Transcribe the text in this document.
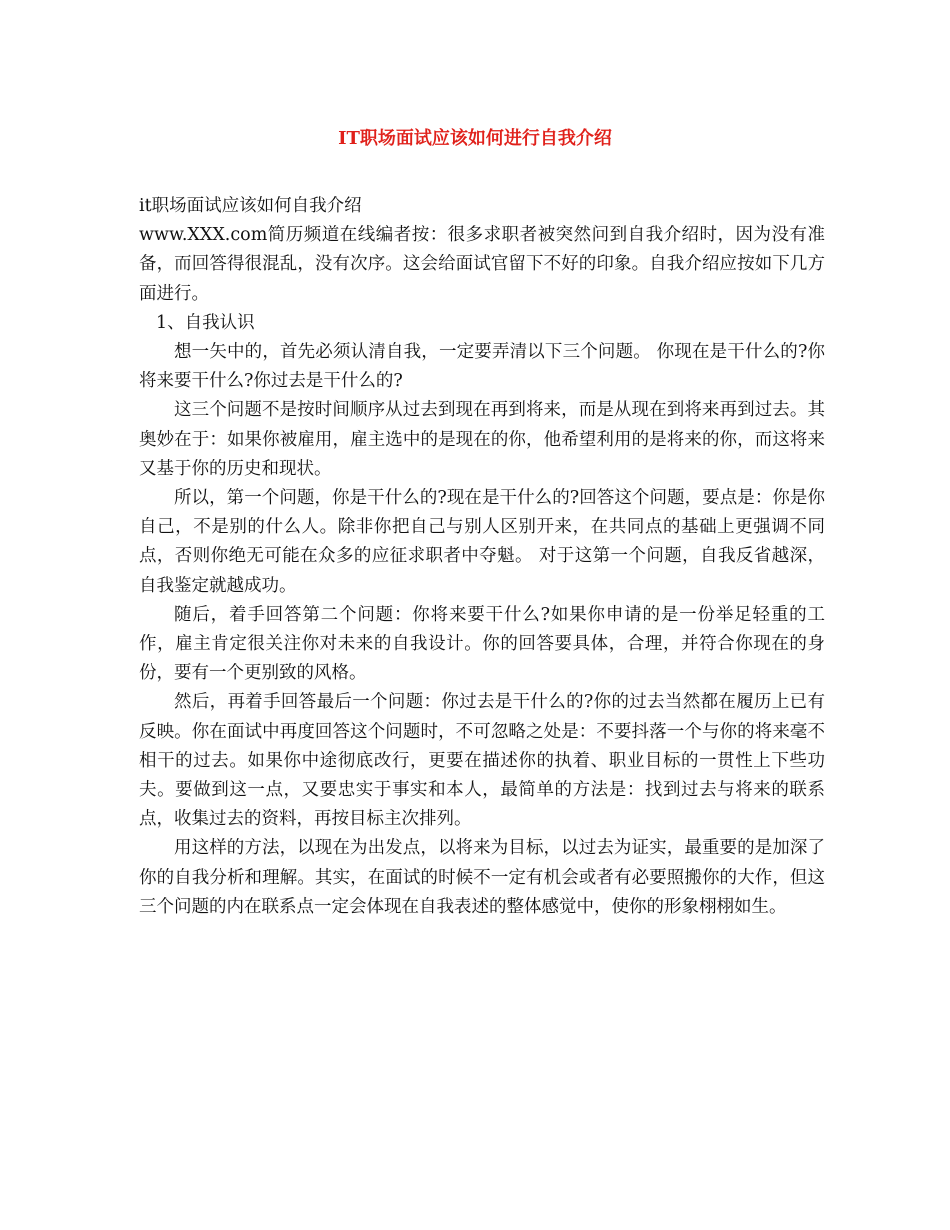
IT职场面试应该如何进行自我介绍

it职场面试应该如何自我介绍

www.XXX.com简历频道在线编者按：很多求职者被突然问到自我介绍时，因为没有准备，而回答得很混乱，没有次序。这会给面试官留下不好的印象。自我介绍应按如下几方面进行。

1、自我认识

想一矢中的，首先必须认清自我，一定要弄清以下三个问题。 你现在是干什么的?你将来要干什么?你过去是干什么的?

这三个问题不是按时间顺序从过去到现在再到将来，而是从现在到将来再到过去。其奥妙在于：如果你被雇用，雇主选中的是现在的你，他希望利用的是将来的你，而这将来又基于你的历史和现状。

所以，第一个问题，你是干什么的?现在是干什么的?回答这个问题，要点是：你是你自己，不是别的什么人。除非你把自己与别人区别开来，在共同点的基础上更强调不同点，否则你绝无可能在众多的应征求职者中夺魁。 对于这第一个问题，自我反省越深，自我鉴定就越成功。

随后，着手回答第二个问题：你将来要干什么?如果你申请的是一份举足轻重的工作，雇主肯定很关注你对未来的自我设计。你的回答要具体，合理，并符合你现在的身份，要有一个更别致的风格。

然后，再着手回答最后一个问题：你过去是干什么的?你的过去当然都在履历上已有反映。你在面试中再度回答这个问题时，不可忽略之处是：不要抖落一个与你的将来毫不相干的过去。如果你中途彻底改行，更要在描述你的执着、职业目标的一贯性上下些功夫。要做到这一点，又要忠实于事实和本人，最简单的方法是：找到过去与将来的联系点，收集过去的资料，再按目标主次排列。

用这样的方法，以现在为出发点，以将来为目标，以过去为证实，最重要的是加深了你的自我分析和理解。其实，在面试的时候不一定有机会或者有必要照搬你的大作，但这三个问题的内在联系点一定会体现在自我表述的整体感觉中，使你的形象栩栩如生。
